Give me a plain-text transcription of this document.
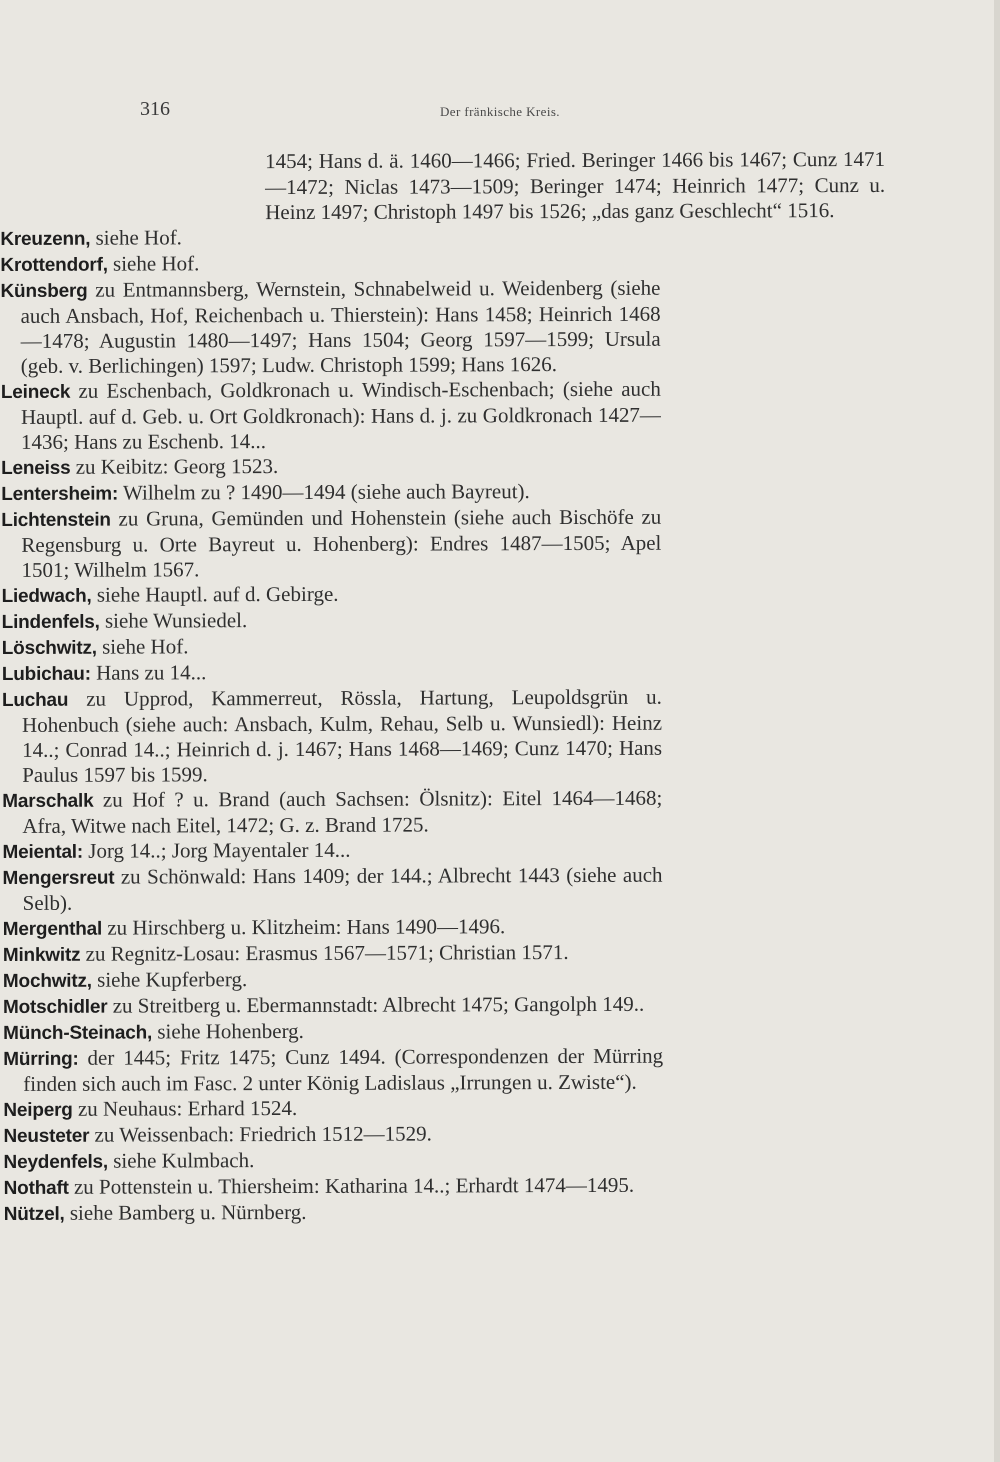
316	Der fränkische Kreis.

1454; Hans d. ä. 1460—1466; Fried. Beringer 1466 bis 1467; Cunz 1471—1472; Niclas 1473—1509; Beringer 1474; Heinrich 1477; Cunz u. Heinz 1497; Christoph 1497 bis 1526; „das ganz Geschlecht“ 1516.

Kreuzenn, siehe Hof.

Krottendorf, siehe Hof.

Künsberg zu Entmannsberg, Wernstein, Schnabelweid u. Weidenberg (siehe auch Ansbach, Hof, Reichenbach u. Thierstein): Hans 1458; Heinrich 1468—1478; Augustin 1480—1497; Hans 1504; Georg 1597—1599; Ursula (geb. v. Berlichingen) 1597; Ludw. Christoph 1599; Hans 1626.

Leineck zu Eschenbach, Goldkronach u. Windisch-Eschenbach; (siehe auch Hauptl. auf d. Geb. u. Ort Goldkronach): Hans d. j. zu Goldkronach 1427—1436; Hans zu Eschenb. 14...

Leneiss zu Keibitz: Georg 1523.

Lentersheim: Wilhelm zu ? 1490—1494 (siehe auch Bayreut).

Lichtenstein zu Gruna, Gemünden und Hohenstein (siehe auch Bischöfe zu Regensburg u. Orte Bayreut u. Hohenberg): Endres 1487—1505; Apel 1501; Wilhelm 1567.

Liedwach, siehe Hauptl. auf d. Gebirge.

Lindenfels, siehe Wunsiedel.

Löschwitz, siehe Hof.

Lubichau: Hans zu 14...

Luchau zu Upprod, Kammerreut, Rössla, Hartung, Leupoldsgrün u. Hohenbuch (siehe auch: Ansbach, Kulm, Rehau, Selb u. Wunsiedl): Heinz 14..; Conrad 14..; Heinrich d. j. 1467; Hans 1468—1469; Cunz 1470; Hans Paulus 1597 bis 1599.

Marschalk zu Hof ? u. Brand (auch Sachsen: Ölsnitz): Eitel 1464—1468; Afra, Witwe nach Eitel, 1472; G. z. Brand 1725.

Meiental: Jorg 14..; Jorg Mayentaler 14...

Mengersreut zu Schönwald: Hans 1409; der 144.; Albrecht 1443 (siehe auch Selb).

Mergenthal zu Hirschberg u. Klitzheim: Hans 1490—1496.

Minkwitz zu Regnitz-Losau: Erasmus 1567—1571; Christian 1571.

Mochwitz, siehe Kupferberg.

Motschidler zu Streitberg u. Ebermannstadt: Albrecht 1475; Gangolph 149..

Münch-Steinach, siehe Hohenberg.

Mürring: der 1445; Fritz 1475; Cunz 1494. (Correspondenzen der Mürring finden sich auch im Fasc. 2 unter König Ladislaus „Irrungen u. Zwiste“).

Neiperg zu Neuhaus: Erhard 1524.

Neusteter zu Weissenbach: Friedrich 1512—1529.

Neydenfels, siehe Kulmbach.

Nothaft zu Pottenstein u. Thiersheim: Katharina 14..; Erhardt 1474—1495.

Nützel, siehe Bamberg u. Nürnberg.
